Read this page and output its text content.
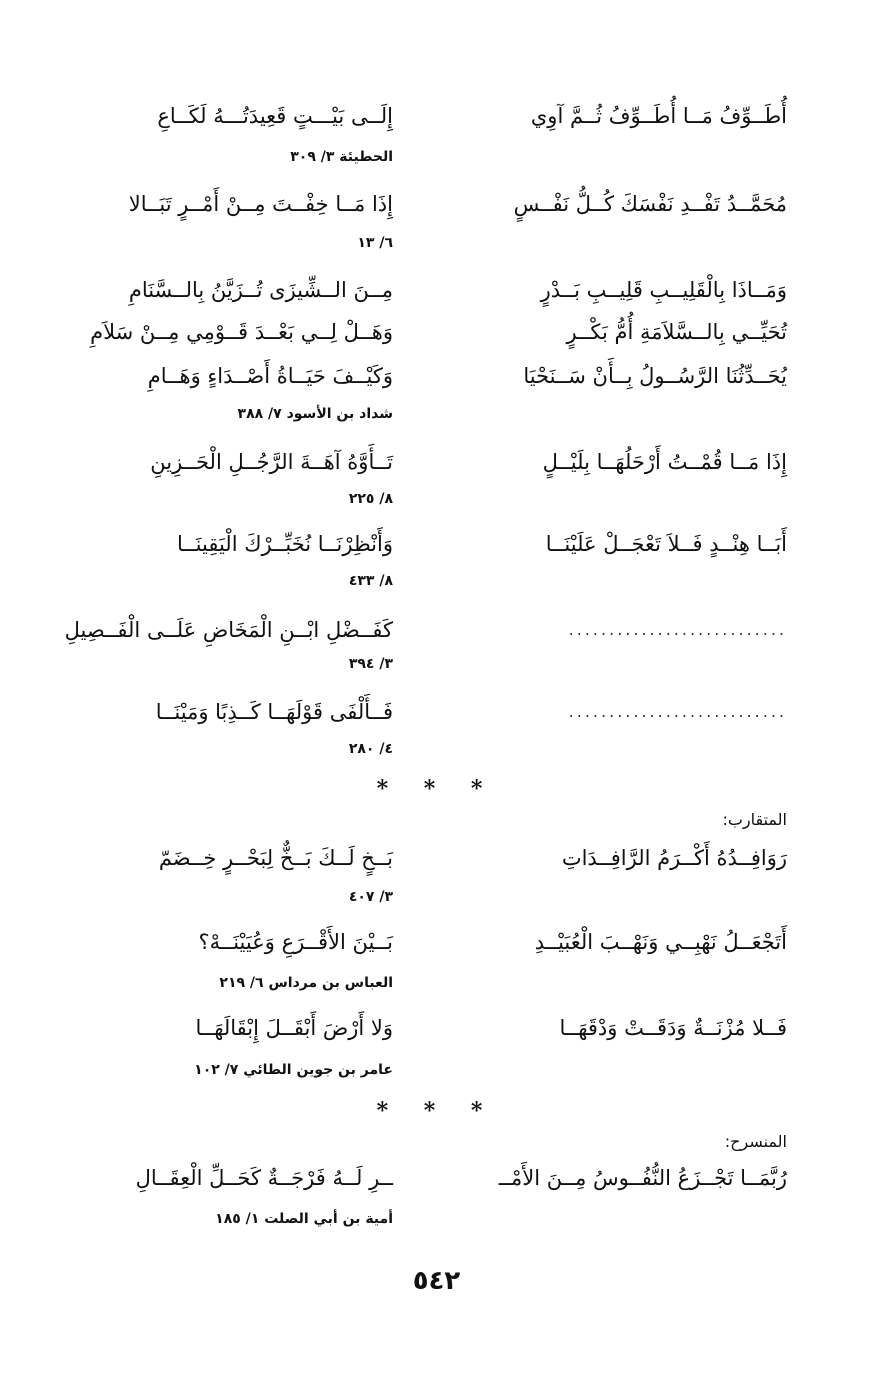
أُطَــوِّفُ مَــا أُطَــوِّفُ ثُــمَّ آوِي
إِلَــى بَيْـــتٍ قَعِيدَتُـــهُ لَكَــاعِ
الحطيئة ٣/ ٣٠٩
مُحَمَّــدُ تَفْــدِ نَفْسَكَ كُــلُّ نَفْــسٍ
إِذَا مَــا خِفْــتَ مِــنْ أَمْــرٍ تَبَــالا
٦/ ١٣
وَمَــاذَا بِالْقَلِيــبِ قَلِيــبِ بَــدْرٍ
مِــنَ الــشِّيزَى تُــزَيَّنُ بِالــسَّنَامِ
تُحَيِّــي بِالــسَّلاَمَةِ أُمُّ بَكْــرٍ
وَهَــلْ لِــي بَعْــدَ قَــوْمِي مِــنْ سَلاَمِ
يُحَــدِّثُنَا الرَّسُــولُ بِــأَنْ سَــنَحْيَا
وَكَيْــفَ حَيَــاةُ أَصْــدَاءٍ وَهَــامِ
شداد بن الأسود ٧/ ٣٨٨
إِذَا مَــا قُمْــتُ أَرْحَلُهَــا بِلَيْــلٍ
تَــأَوَّهُ آهَــةَ الرَّجُــلِ الْحَــزِينِ
٨/ ٢٢٥
أَبَــا هِنْــدٍ فَــلاَ تَعْجَــلْ عَلَيْنَــا
وَأَنْظِرْنَــا نُخَبِّــرْكَ الْيَقِينَــا
٨/ ٤٣٣
...........................
كَفَــضْلِ ابْــنِ الْمَخَاضِ عَلَــى الْفَــصِيلِ
٣/ ٣٩٤
...........................
فَــأَلْفَى قَوْلَهَــا كَــذِبًا وَمَيْنَــا
٤/ ٢٨٠
* * *
المتقارب:
رَوَافِــدُهُ أَكْــرَمُ الرَّافِــدَاتِ
بَــخٍ لَــكَ بَــخٌّ لِبَحْــرٍ خِــضَمّ
٣/ ٤٠٧
أَتَجْعَــلُ نَهْبِــي وَنَهْــبَ الْعُبَيْــدِ
بَــيْنَ الأَقْــرَعِ وَعُيَيْنَــهْ؟
العباس بن مرداس ٦/ ٢١٩
فَــلا مُزْنَــةٌ وَدَقَــتْ وَدْقَهَــا
وَلا أَرْضَ أَبْقَــلَ إِبْقَالَهَــا
عامر بن جوين الطائي ٧/ ١٠٢
* * *
المنسرح:
رُبَّمَــا تَجْــزَعُ النُّفُــوسُ مِــنَ الأَمْــ
ــرِ لَــهُ فَرْجَــةٌ كَحَــلِّ الْعِقَــالِ
أمية بن أبي الصلت ١/ ١٨٥
٥٤٢
